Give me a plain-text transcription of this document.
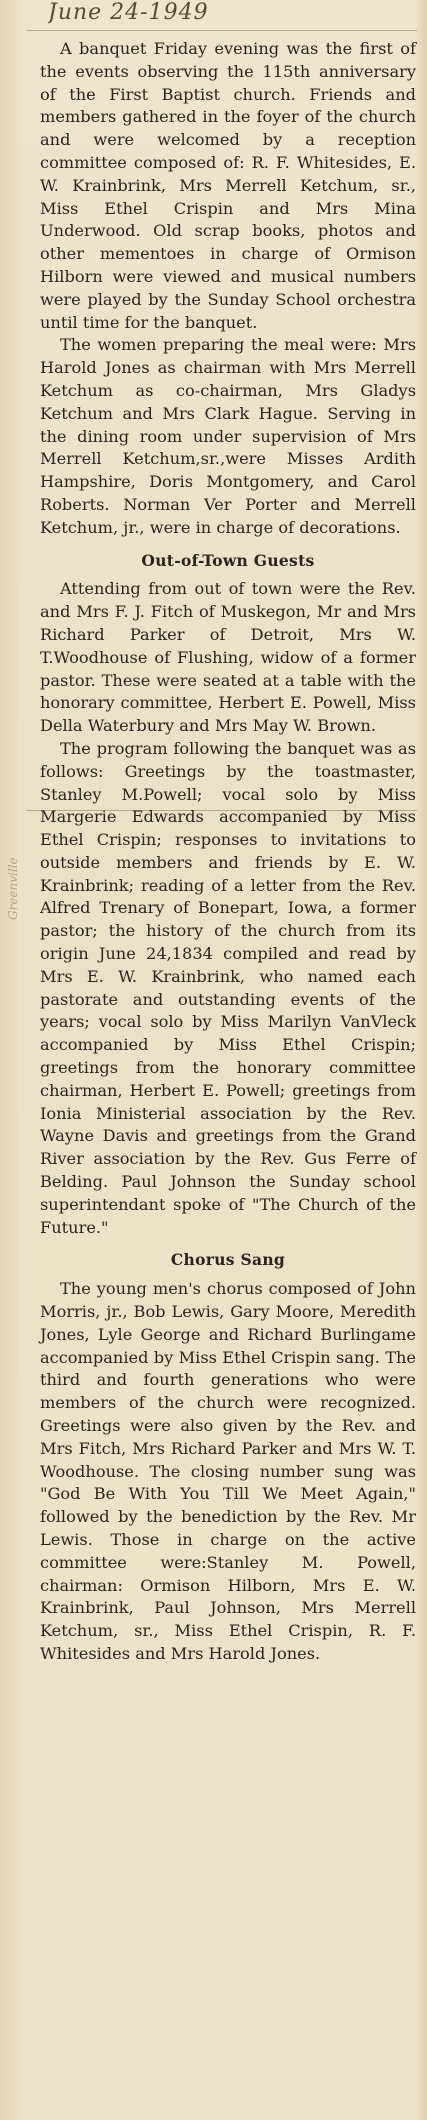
June 24-1949
Greenville

A banquet Friday evening was the first of the events observing the 115th anniversary of the First Baptist church. Friends and members gathered in the foyer of the church and were welcomed by a reception committee composed of: R. F. Whitesides, E. W. Krainbrink, Mrs Merrell Ketchum, sr., Miss Ethel Crispin and Mrs Mina Underwood. Old scrap books, photos and other mementoes in charge of Ormison Hilborn were viewed and musical numbers were played by the Sunday School orchestra until time for the banquet.

The women preparing the meal were: Mrs Harold Jones as chairman with Mrs Merrell Ketchum as co-chairman, Mrs Gladys Ketchum and Mrs Clark Hague. Serving in the dining room under supervision of Mrs Merrell Ketchum,sr.,were Misses Ardith Hampshire, Doris Montgomery, and Carol Roberts. Norman Ver Porter and Merrell Ketchum, jr., were in charge of decorations.

Out-of-Town Guests

Attending from out of town were the Rev. and Mrs F. J. Fitch of Muskegon, Mr and Mrs Richard Parker of Detroit, Mrs W. T.Woodhouse of Flushing, widow of a former pastor. These were seated at a table with the honorary committee, Herbert E. Powell, Miss Della Waterbury and Mrs May W. Brown.

The program following the banquet was as follows: Greetings by the toastmaster, Stanley M.Powell; vocal solo by Miss Margerie Edwards accompanied by Miss Ethel Crispin; responses to invitations to outside members and friends by E. W. Krainbrink; reading of a letter from the Rev. Alfred Trenary of Bonepart, Iowa, a former pastor; the history of the church from its origin June 24,1834 compiled and read by Mrs E. W. Krainbrink, who named each pastorate and outstanding events of the years; vocal solo by Miss Marilyn VanVleck accompanied by Miss Ethel Crispin; greetings from the honorary committee chairman, Herbert E. Powell; greetings from Ionia Ministerial association by the Rev. Wayne Davis and greetings from the Grand River association by the Rev. Gus Ferre of Belding. Paul Johnson the Sunday school superintendant spoke of "The Church of the Future."

Chorus Sang

The young men's chorus composed of John Morris, jr., Bob Lewis, Gary Moore, Meredith Jones, Lyle George and Richard Burlingame accompanied by Miss Ethel Crispin sang. The third and fourth generations who were members of the church were recognized. Greetings were also given by the Rev. and Mrs Fitch, Mrs Richard Parker and Mrs W. T. Woodhouse. The closing number sung was "God Be With You Till We Meet Again," followed by the benediction by the Rev. Mr Lewis. Those in charge on the active committee were:Stanley M. Powell, chairman: Ormison Hilborn, Mrs E. W. Krainbrink, Paul Johnson, Mrs Merrell Ketchum, sr., Miss Ethel Crispin, R. F. Whitesides and Mrs Harold Jones.
